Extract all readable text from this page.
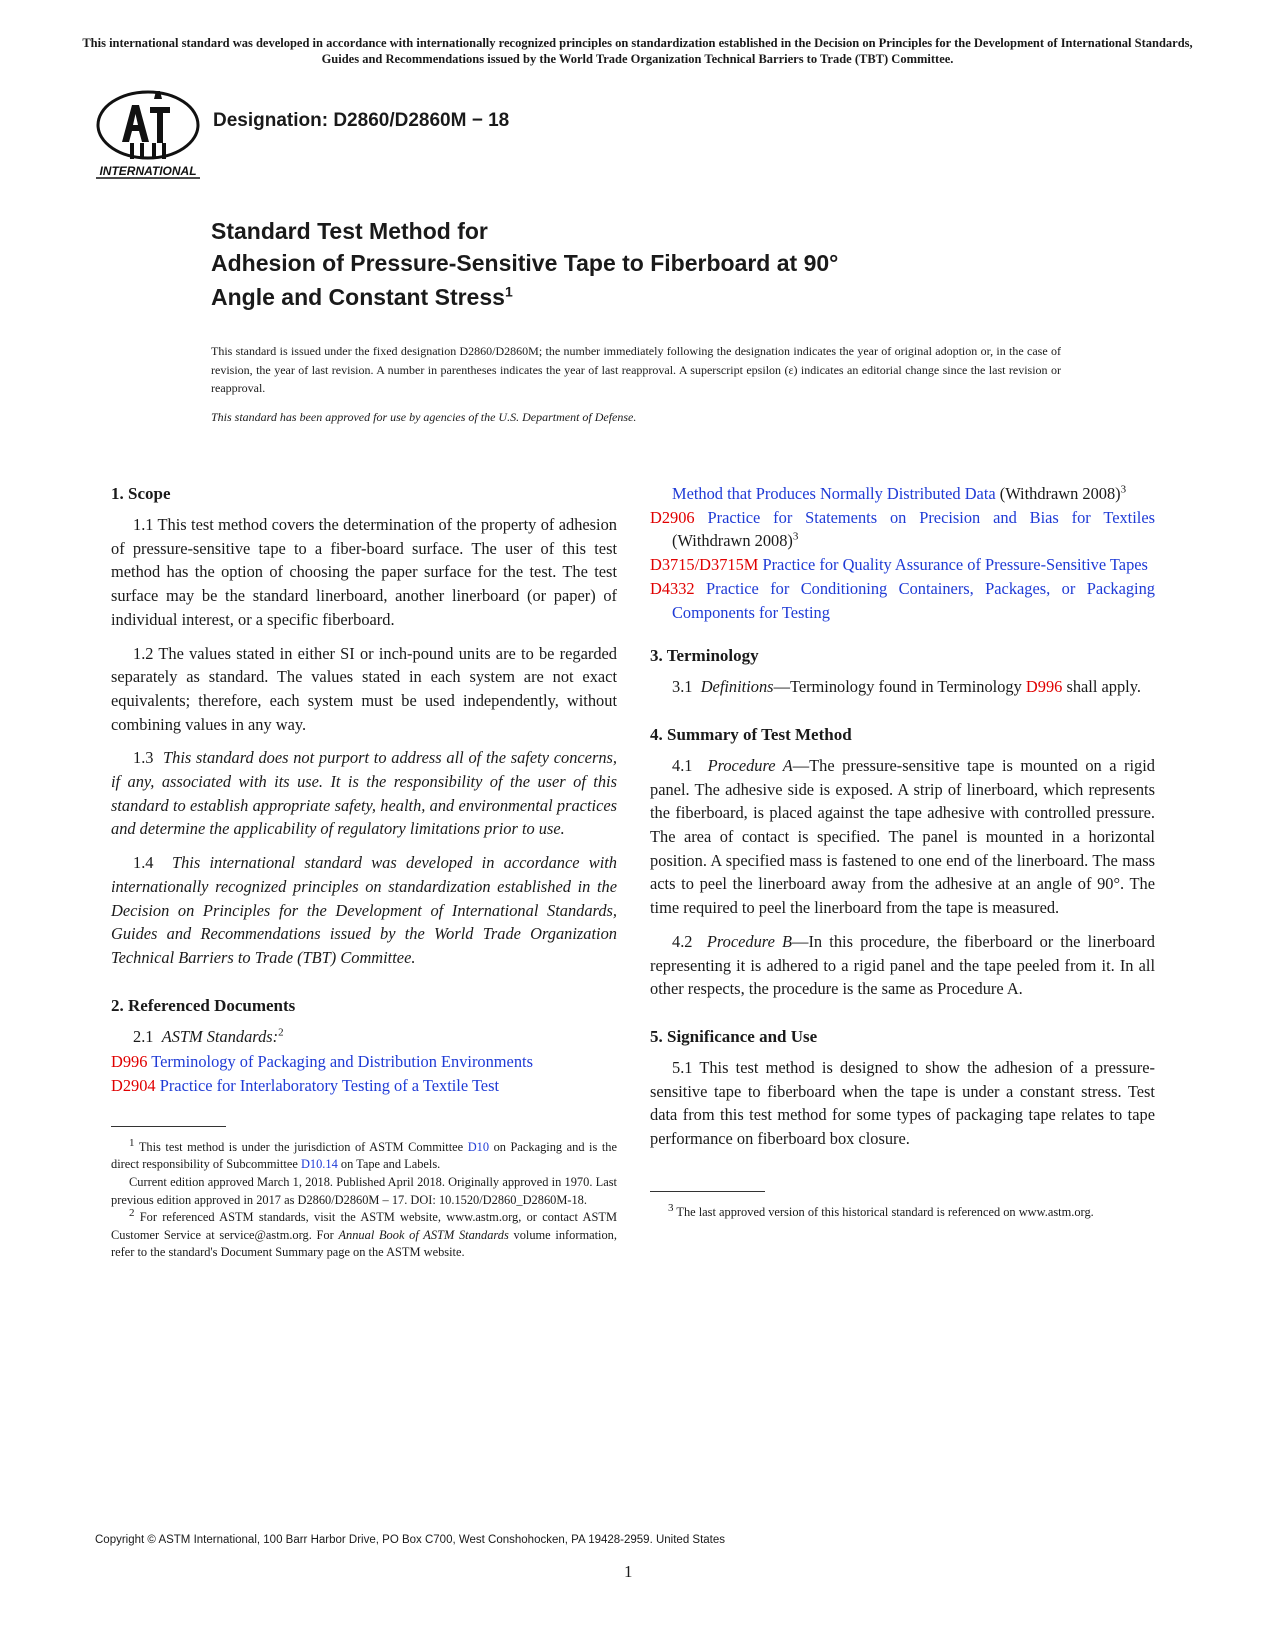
This international standard was developed in accordance with internationally recognized principles on standardization established in the Decision on Principles for the Development of International Standards, Guides and Recommendations issued by the World Trade Organization Technical Barriers to Trade (TBT) Committee.
INTERNATIONAL
Designation: D2860/D2860M − 18
Standard Test Method for
Adhesion of Pressure-Sensitive Tape to Fiberboard at 90°
Angle and Constant Stress$^1$
This standard is issued under the fixed designation D2860/D2860M; the number immediately following the designation indicates the year of original adoption or, in the case of revision, the year of last revision. A number in parentheses indicates the year of last reapproval. A superscript epsilon (ε) indicates an editorial change since the last revision or reapproval.
This standard has been approved for use by agencies of the U.S. Department of Defense.
1. Scope

1.1 This test method covers the determination of the property of adhesion of pressure-sensitive tape to a fiber-board surface. The user of this test method has the option of choosing the paper surface for the test. The test surface may be the standard linerboard, another linerboard (or paper) of individual interest, or a specific fiberboard.

1.2 The values stated in either SI or inch-pound units are to be regarded separately as standard. The values stated in each system are not exact equivalents; therefore, each system must be used independently, without combining values in any way.

1.3 This standard does not purport to address all of the safety concerns, if any, associated with its use. It is the responsibility of the user of this standard to establish appropriate safety, health, and environmental practices and determine the applicability of regulatory limitations prior to use.

1.4 This international standard was developed in accordance with internationally recognized principles on standardization established in the Decision on Principles for the Development of International Standards, Guides and Recommendations issued by the World Trade Organization Technical Barriers to Trade (TBT) Committee.

2. Referenced Documents

2.1 ASTM Standards:$^2$

D996 Terminology of Packaging and Distribution Environments

D2904 Practice for Interlaboratory Testing of a Textile Test

$^1$ This test method is under the jurisdiction of ASTM Committee D10 on Packaging and is the direct responsibility of Subcommittee D10.14 on Tape and Labels.

Current edition approved March 1, 2018. Published April 2018. Originally approved in 1970. Last previous edition approved in 2017 as D2860/D2860M – 17. DOI: 10.1520/D2860_D2860M-18.

$^2$ For referenced ASTM standards, visit the ASTM website, www.astm.org, or contact ASTM Customer Service at service@astm.org. For Annual Book of ASTM Standards volume information, refer to the standard's Document Summary page on the ASTM website.

Method that Produces Normally Distributed Data (Withdrawn 2008)$^3$

D2906 Practice for Statements on Precision and Bias for Textiles (Withdrawn 2008)$^3$

D3715/D3715M Practice for Quality Assurance of Pressure-Sensitive Tapes

D4332 Practice for Conditioning Containers, Packages, or Packaging Components for Testing

3. Terminology

3.1 Definitions—Terminology found in Terminology D996 shall apply.

4. Summary of Test Method

4.1 Procedure A—The pressure-sensitive tape is mounted on a rigid panel. The adhesive side is exposed. A strip of linerboard, which represents the fiberboard, is placed against the tape adhesive with controlled pressure. The area of contact is specified. The panel is mounted in a horizontal position. A specified mass is fastened to one end of the linerboard. The mass acts to peel the linerboard away from the adhesive at an angle of 90°. The time required to peel the linerboard from the tape is measured.

4.2 Procedure B—In this procedure, the fiberboard or the linerboard representing it is adhered to a rigid panel and the tape peeled from it. In all other respects, the procedure is the same as Procedure A.

5. Significance and Use

5.1 This test method is designed to show the adhesion of a pressure-sensitive tape to fiberboard when the tape is under a constant stress. Test data from this test method for some types of packaging tape relates to tape performance on fiberboard box closure.

$^3$ The last approved version of this historical standard is referenced on www.astm.org.

Copyright © ASTM International, 100 Barr Harbor Drive, PO Box C700, West Conshohocken, PA 19428-2959. United States
1
